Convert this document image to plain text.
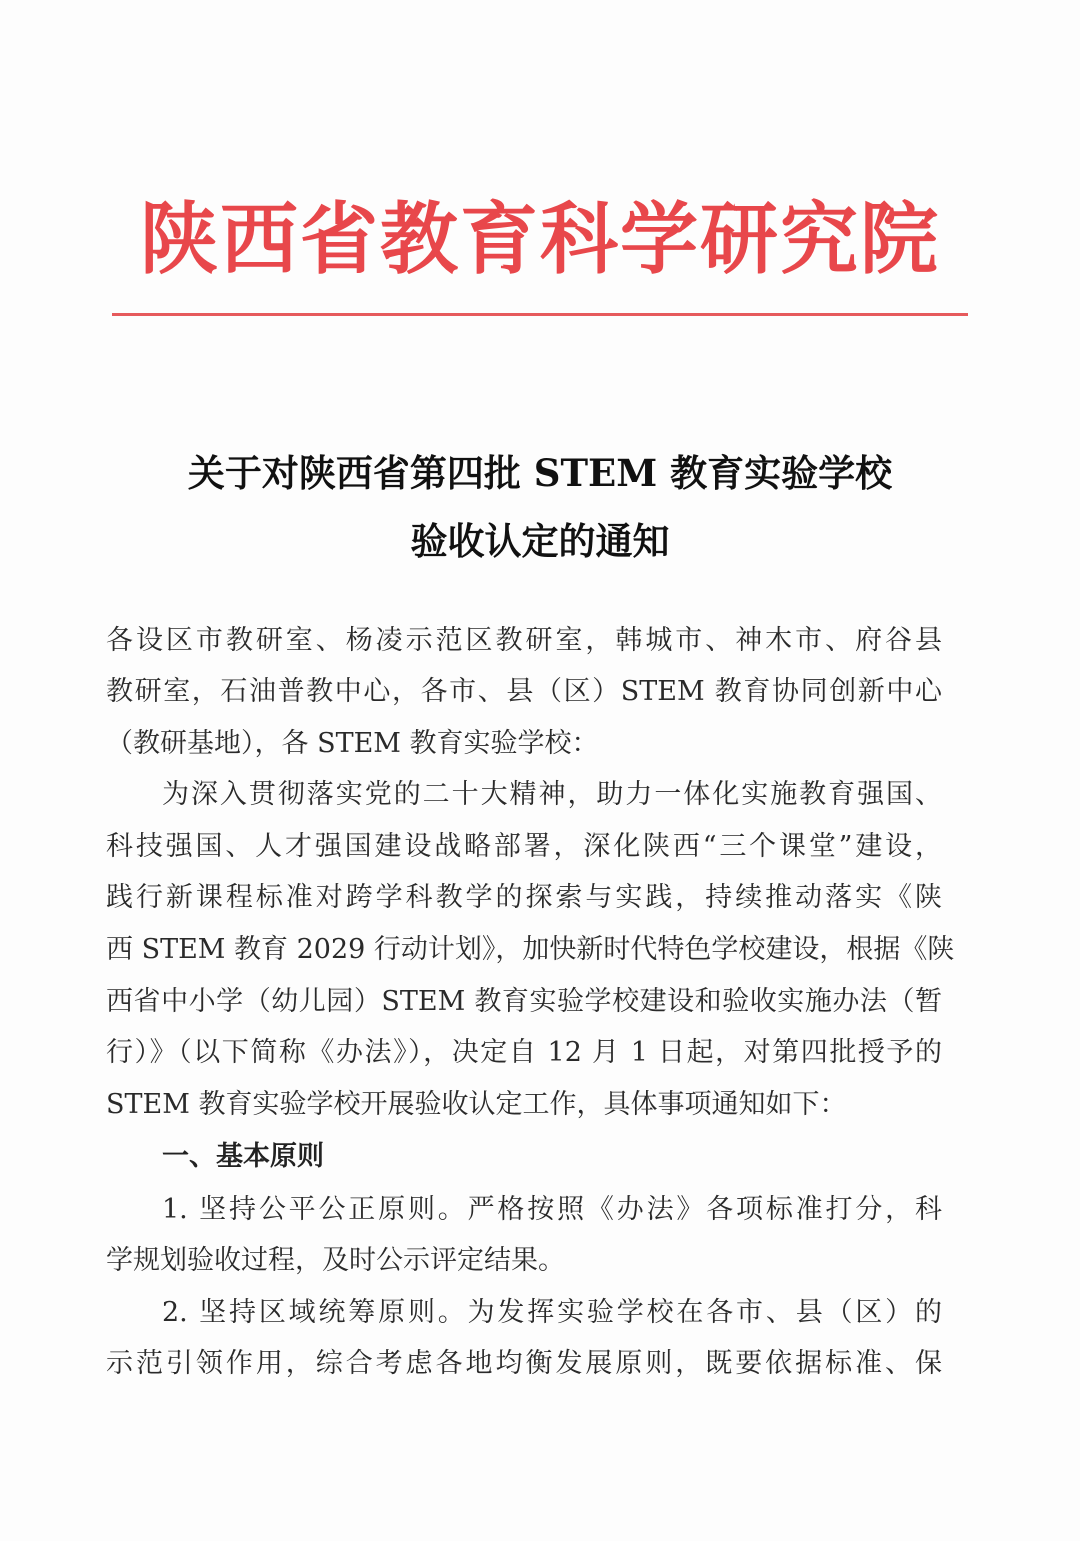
陕西省教育科学研究院
关于对陕西省第四批 STEM 教育实验学校
验收认定的通知
各设区市教研室、杨凌示范区教研室，韩城市、神木市、府谷县
教研室，石油普教中心，各市、县（区）STEM 教育协同创新中心
（教研基地），各 STEM 教育实验学校：
为深入贯彻落实党的二十大精神，助力一体化实施教育强国、
科技强国、人才强国建设战略部署，深化陕西“三个课堂”建设，
践行新课程标准对跨学科教学的探索与实践，持续推动落实《陕
西 STEM 教育 2029 行动计划》，加快新时代特色学校建设，根据《陕
西省中小学（幼儿园）STEM 教育实验学校建设和验收实施办法（暂
行）》（以下简称《办法》），决定自 12 月 1 日起，对第四批授予的
STEM 教育实验学校开展验收认定工作，具体事项通知如下：
一、基本原则
1. 坚持公平公正原则。严格按照《办法》各项标准打分，科
学规划验收过程，及时公示评定结果。
2. 坚持区域统筹原则。为发挥实验学校在各市、县（区）的
示范引领作用，综合考虑各地均衡发展原则，既要依据标准、保
